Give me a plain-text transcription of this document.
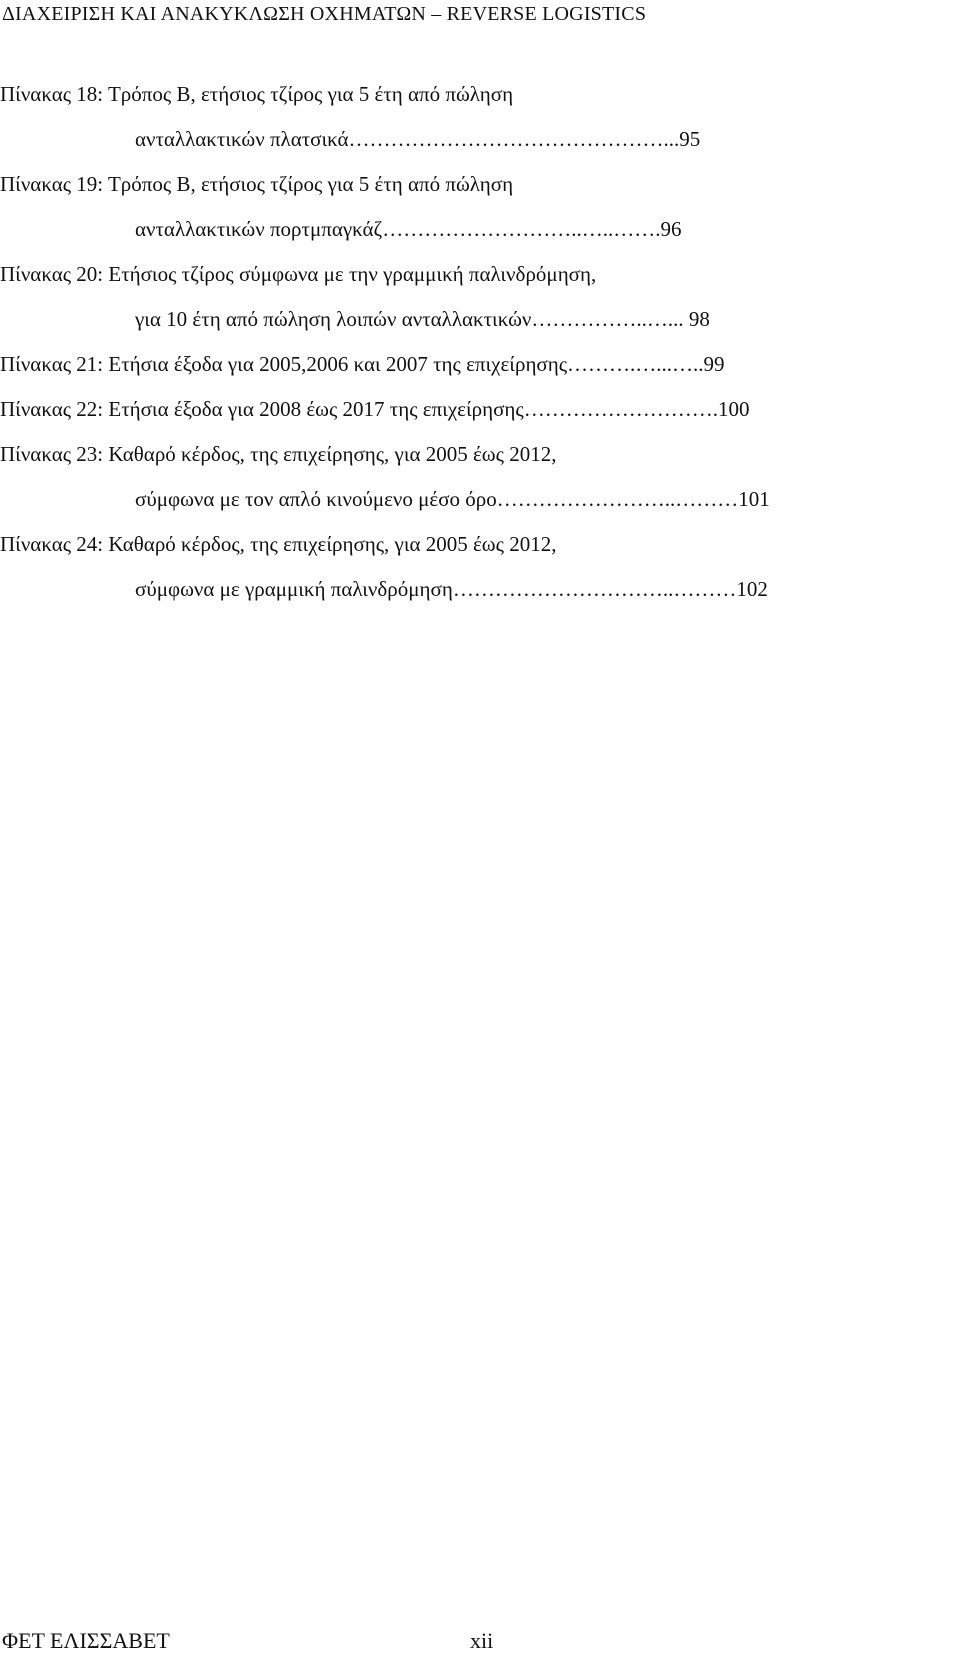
ΔΙΑΧΕΙΡΙΣΗ ΚΑΙ ΑΝΑΚΥΚΛΩΣΗ ΟΧΗΜΑΤΩΝ – REVERSE LOGISTICS
Πίνακας 18: Τρόπος Β, ετήσιος τζίρος για 5 έτη από πώληση
ανταλλακτικών πλατσικά………………………………………...95
Πίνακας 19: Τρόπος Β, ετήσιος τζίρος για 5 έτη από πώληση
ανταλλακτικών πορτμπαγκάζ………………………..…..…….96
Πίνακας 20: Ετήσιος τζίρος σύμφωνα με την γραμμική παλινδρόμηση,
για 10 έτη από πώληση λοιπών ανταλλακτικών……………..…... 98
Πίνακας 21: Ετήσια έξοδα για 2005,2006 και 2007 της επιχείρησης……….…...…..99
Πίνακας 22: Ετήσια έξοδα για 2008 έως 2017 της επιχείρησης……………………….100
Πίνακας 23: Καθαρό κέρδος, της επιχείρησης, για 2005 έως 2012,
σύμφωνα με τον απλό κινούμενο μέσο όρο……………………..………101
Πίνακας 24: Καθαρό κέρδος, της επιχείρησης, για 2005 έως 2012,
σύμφωνα με γραμμική παλινδρόμηση…………………………..………102
ΦΕΤ ΕΛΙΣΣΑΒΕΤ	xii
